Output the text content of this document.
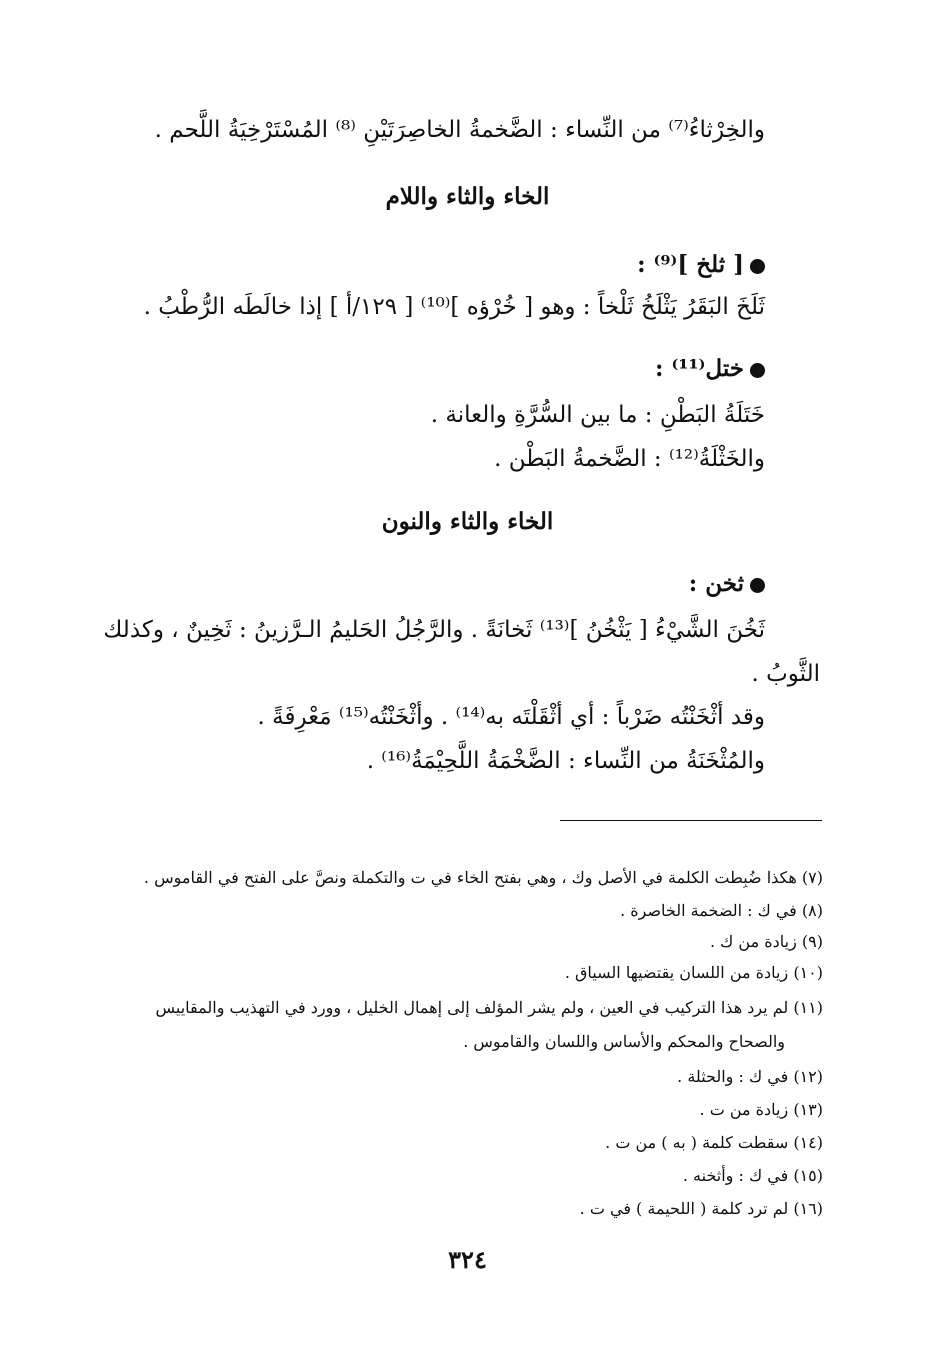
والخِرْثاءُ⁽⁷⁾ من النِّساء : الضَّخمةُ الخاصِرَتَيْنِ ⁽⁸⁾ المُسْتَرْخِيَةُ اللَّحم .
الخاء والثاء واللام
[ ثلخ ]⁽⁹⁾ :
ثَلَخَ البَقَرُ يَثْلَخُ ثَلْخاً : وهو [ خُرْؤه ]⁽¹⁰⁾ [ ١٢٩/أ ] إذا خالَطَه الرُّطْبُ .
ختل⁽¹¹⁾ :
خَتَلَةُ البَطْنِ : ما بين السُّرَّةِ والعانة .
والخَثْلَةُ⁽¹²⁾ : الضَّخمةُ البَطْن .
الخاء والثاء والنون
ثخن :
ثَخُنَ الشَّيْءُ [ يَثْخُنُ ]⁽¹³⁾ ثَخانَةً . والرَّجُلُ الحَليمُ الـرَّزينُ : ثَخِينٌ ، وكذلك
الثَّوبُ .
وقد أثْخَنْتُه ضَرْباً : أي أثْقَلْتَه به⁽¹⁴⁾ . وأثْخَنْتُه⁽¹⁵⁾ مَعْرِفَةً .
والمُثْخَنَةُ من النِّساء : الضَّخْمَةُ اللَّحِيْمَةُ⁽¹⁶⁾ .
(٧) هكذا ضُبِطت الكلمة في الأصل وك ، وهي بفتح الخاء في ت والتكملة ونصَّ على الفتح في القاموس .
(٨) في ك : الضخمة الخاصرة .
(٩) زيادة من ك .
(١٠) زيادة من اللسان يقتضيها السياق .
(١١) لم يرد هذا التركيب في العين ، ولم يشر المؤلف إلى إهمال الخليل ، وورد في التهذيب والمقاييس
والصحاح والمحكم والأساس واللسان والقاموس .
(١٢) في ك : والحثلة .
(١٣) زيادة من ت .
(١٤) سقطت كلمة ( به ) من ت .
(١٥) في ك : وأثخنه .
(١٦) لم ترد كلمة ( اللحيمة ) في ت .
٣٢٤
